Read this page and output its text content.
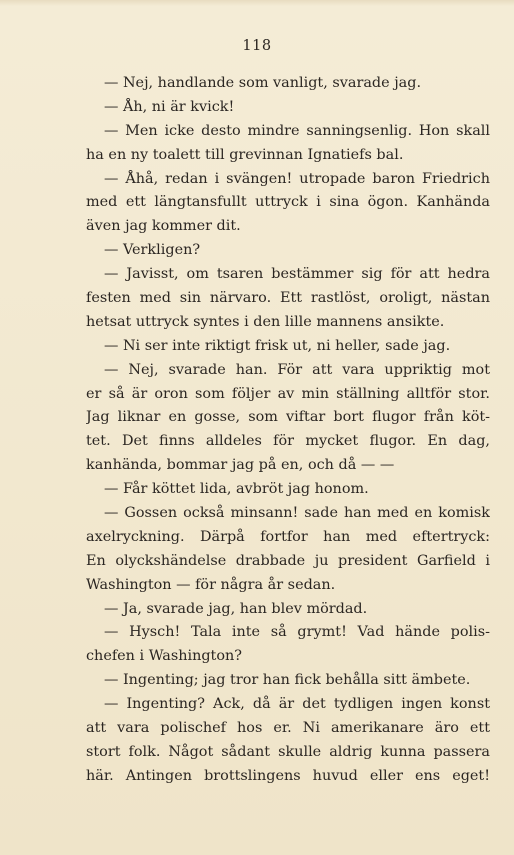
118
— Nej, handlande som vanligt, svarade jag.
— Åh, ni är kvick!
— Men icke desto mindre sanningsenlig. Hon skall
ha en ny toalett till grevinnan Ignatiefs bal.
— Åhå, redan i svängen! utropade baron Friedrich
med ett längtansfullt uttryck i sina ögon. Kanhända
även jag kommer dit.
— Verkligen?
— Javisst, om tsaren bestämmer sig för att hedra
festen med sin närvaro. Ett rastlöst, oroligt, nästan
hetsat uttryck syntes i den lille mannens ansikte.
— Ni ser inte riktigt frisk ut, ni heller, sade jag.
— Nej, svarade han. För att vara uppriktig mot
er så är oron som följer av min ställning alltför stor.
Jag liknar en gosse, som viftar bort flugor från köt-
tet. Det finns alldeles för mycket flugor. En dag,
kanhända, bommar jag på en, och då — —
— Får köttet lida, avbröt jag honom.
— Gossen också minsann! sade han med en komisk
axelryckning. Därpå fortfor han med eftertryck:
En olyckshändelse drabbade ju president Garfield i
Washington — för några år sedan.
— Ja, svarade jag, han blev mördad.
— Hysch! Tala inte så grymt! Vad hände polis-
chefen i Washington?
— Ingenting; jag tror han fick behålla sitt ämbete.
— Ingenting? Ack, då är det tydligen ingen konst
att vara polischef hos er. Ni amerikanare äro ett
stort folk. Något sådant skulle aldrig kunna passera
här. Antingen brottslingens huvud eller ens eget!
